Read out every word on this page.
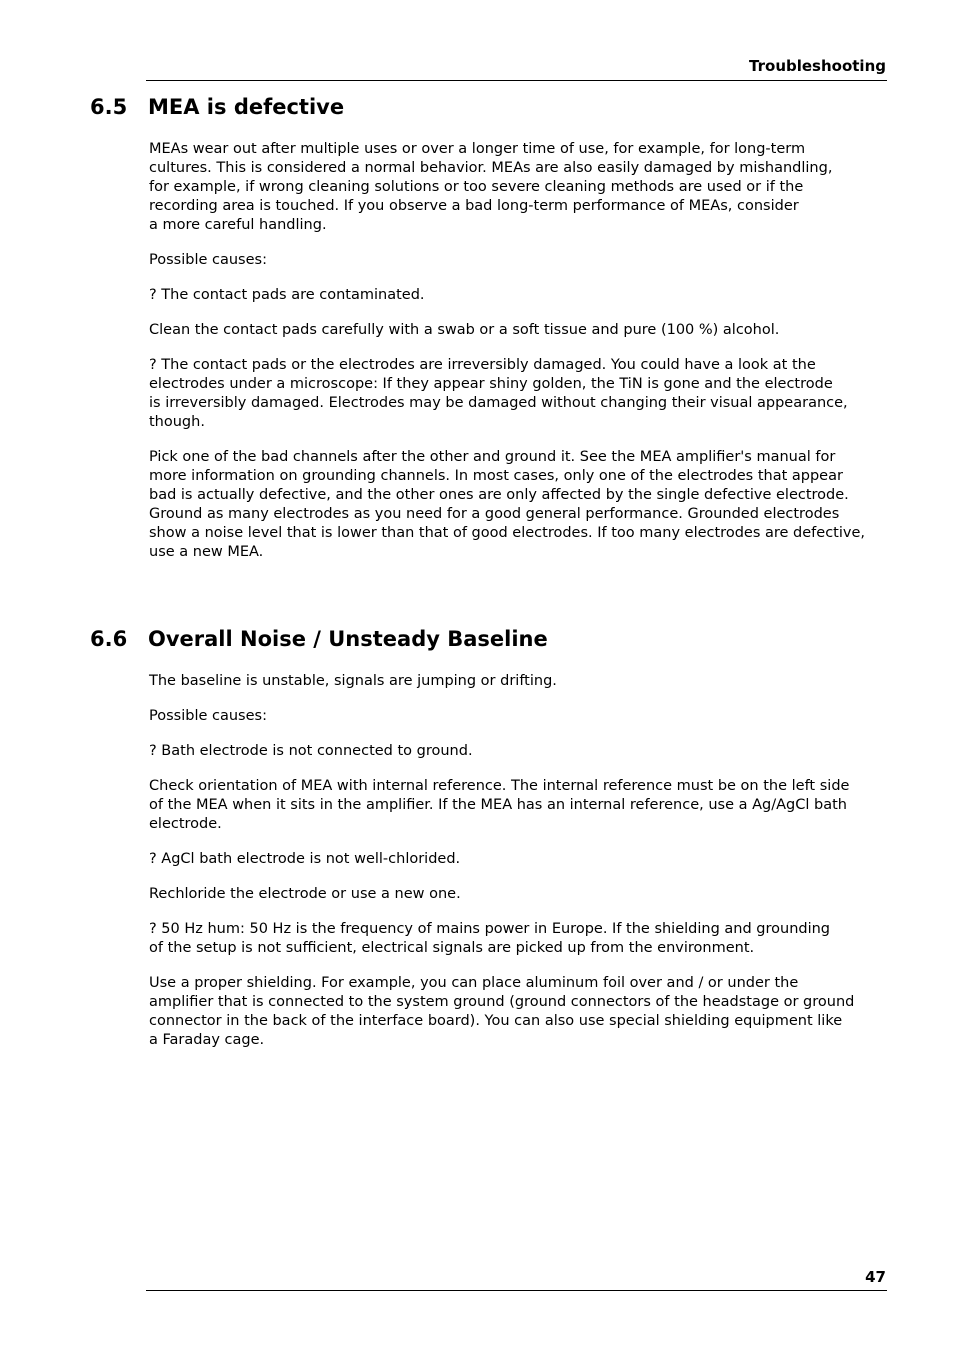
Troubleshooting
6.5 MEA is defective
MEAs wear out after multiple uses or over a longer time of use, for example, for long-term
cultures. This is considered a normal behavior. MEAs are also easily damaged by mishandling,
for example, if wrong cleaning solutions or too severe cleaning methods are used or if the
recording area is touched. If you observe a bad long-term performance of MEAs, consider
a more careful handling.
Possible causes:
? The contact pads are contaminated.
Clean the contact pads carefully with a swab or a soft tissue and pure (100 %) alcohol.
? The contact pads or the electrodes are irreversibly damaged. You could have a look at the
electrodes under a microscope: If they appear shiny golden, the TiN is gone and the electrode
is irreversibly damaged. Electrodes may be damaged without changing their visual appearance,
though.
Pick one of the bad channels after the other and ground it. See the MEA amplifier's manual for
more information on grounding channels. In most cases, only one of the electrodes that appear
bad is actually defective, and the other ones are only affected by the single defective electrode.
Ground as many electrodes as you need for a good general performance. Grounded electrodes
show a noise level that is lower than that of good electrodes. If too many electrodes are defective,
use a new MEA.
6.6 Overall Noise / Unsteady Baseline
The baseline is unstable, signals are jumping or drifting.
Possible causes:
? Bath electrode is not connected to ground.
Check orientation of MEA with internal reference. The internal reference must be on the left side
of the MEA when it sits in the amplifier. If the MEA has an internal reference, use a Ag/AgCl bath
electrode.
? AgCl bath electrode is not well-chlorided.
Rechloride the electrode or use a new one.
? 50 Hz hum: 50 Hz is the frequency of mains power in Europe. If the shielding and grounding
of the setup is not sufficient, electrical signals are picked up from the environment.
Use a proper shielding. For example, you can place aluminum foil over and / or under the
amplifier that is connected to the system ground (ground connectors of the headstage or ground
connector in the back of the interface board). You can also use special shielding equipment like
a Faraday cage.
47
